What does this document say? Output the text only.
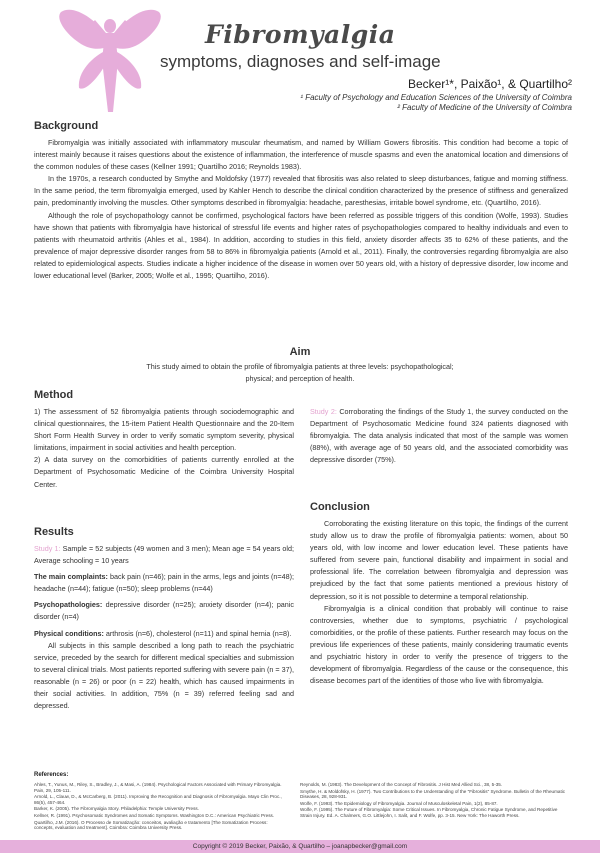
Fibromyalgia
symptoms, diagnoses and self-image
Becker¹*, Paixão¹, & Quartilho²
¹ Faculty of Psychology and Education Sciences of the University of Coimbra
² Faculty of Medicine of the University of Coimbra
Background

Fibromyalgia was initially associated with inflammatory muscular rheumatism, and named by William Gowers fibrositis. This condition had become a topic of interest mainly because it raises questions about the existence of inflammation, the interference of muscle spasms and even the anatomical location and dimensions of the common nodules of these cases (Kellner 1991; Quartilho 2016; Reynolds 1983).

In the 1970s, a research conducted by Smythe and Moldofsky (1977) revealed that fibrositis was also related to sleep disturbances, fatigue and morning stiffness. In the same period, the term fibromyalgia emerged, used by Kahler Hench to describe the clinical condition characterized by the presence of stiffness and generalized pain, predominantly involving the muscles. Other symptoms described in fibromyalgia: headache, paresthesias, irritable bowel syndrome, etc. (Quartilho, 2016).

Although the role of psychopathology cannot be confirmed, psychological factors have been referred as possible triggers of this condition (Wolfe, 1993). Studies have shown that patients with fibromyalgia have historical of stressful life events and higher rates of psychopathologies compared to healthy individuals and even to patients with rheumatoid arthritis (Ahles et al., 1984). In addition, according to studies in this field, anxiety disorder affects 35 to 62% of these patients, and the prevalence of major depressive disorder ranges from 58 to 86% in fibromyalgia patients (Arnold et al., 2011). Finally, the controversies regarding fibromyalgia are also related to epidemiological aspects. Studies indicate a higher incidence of the disease in women over 50 years old, with a history of depressive disorder, low income and lower educational level (Barker, 2005; Wolfe et al., 1995; Quartilho, 2016).

Aim
This study aimed to obtain the profile of fibromyalgia patients at three levels: psychopathological;
physical; and perception of health.
Method

1) The assessment of 52 fibromyalgia patients through sociodemographic and clinical questionnaires, the 15-item Patient Health Questionnaire and the 20-Item Short Form Health Survey in order to verify somatic symptom severity, physical limitations, impairment in social activities and health perception.

2) A data survey on the comorbidities of patients currently enrolled at the Department of Psychosomatic Medicine of the Coimbra University Hospital Center.

Results

Study 1: Sample = 52 subjects (49 women and 3 men); Mean age = 54 years old; Average schooling = 10 years

The main complaints: back pain (n=46); pain in the arms, legs and joints (n=48); headache (n=44); fatigue (n=50); sleep problems (n=44)

Psychopathologies: depressive disorder (n=25); anxiety disorder (n=4); panic disorder (n=4)

Physical conditions: arthrosis (n=6), cholesterol (n=11) and spinal hernia (n=8).

All subjects in this sample described a long path to reach the psychiatric service, preceded by the search for different medical specialties and submission to several clinical trials. Most patients reported suffering with severe pain (n = 37), reasonable (n = 26) or poor (n = 22) health, which has caused impairments in their social activities. In addition, 75% (n = 39) referred feeling sad and depressed.

Study 2: Corroborating the findings of the Study 1, the survey conducted on the Department of Psychosomatic Medicine found 324 patients diagnosed with fibromyalgia. The data analysis indicated that most of the sample was women (88%), with average age of 50 years old, and the associated comorbidity was depressive disorder (75%).

Conclusion

Corroborating the existing literature on this topic, the findings of the current study allow us to draw the profile of fibromyalgia patients: women, about 50 years old, with low income and lower education level. These patients have suffered from severe pain, functional disability and impairment in social and professional life. The correlation between fibromyalgia and depression was prejudiced by the fact that some patients mentioned a previous history of depression, so it is not possible to determine a temporal relationship.

Fibromyalgia is a clinical condition that probably will continue to raise controversies, whether due to symptoms, psychiatric / psychological comorbidities, or the profile of these patients. Further research may focus on the previous life experiences of these patients, mainly considering traumatic events and psychiatric history in order to verify the presence of triggers to the development of fibromyalgia. Regardless of the cause or the consequence, this disease becomes part of the identities of those who live with fibromyalgia.

References:

Ahles, T., Yunus, M., Riley, S., Bradley, J., & Masi, A. (1984). Psychological Factors Associated with Primary Fibromyalgia. Pain, 29, 105-111.

Arnold, L., Clauw, D., & McCarberg, B. (2011). Improving the Recognition and Diagnosis of Fibromyalgia. Mayo Clin Proc., 86(5), 457-464.

Barker, K. (2005). The Fibromyalgia Story. Philadelphia: Temple University Press.

Kellner, R. (1991). Psychosomatic Syndromes and Somatic Symptoms. Washington D.C.: American Psychiatric Press.

Quartilho, J.M. (2016). O Processo de Somatização: conceitos, avaliação e tratamento [The Somatization Process: concepts, evaluation and treatment]. Coimbra: Coimbra University Press.

Reynolds, M. (1983). The Development of the Concept of Fibrositis. J Hist Med Allied Sci., 38, 5-35.

Smythe, H. & Moldofsky, H. (1977). Two Contributions to the Understanding of the "Fibrositis" Syndrome. Bulletin of the Rheumatic Diseases, 28, 928-931.

Wolfe, F. (1993). The Epidemiology of Fibromyalgia. Journal of Musculoskeletal Pain, 1(2), 85-87.

Wolfe, F. (1995). The Future of Fibromyalgia: Some Critical Issues. In Fibromyalgia, Chronic Fatigue Syndrome, and Repetitive Strain Injury. Ed. A. Chalmers, G.O. Littlejohn, I. Salit, and F. Wolfe, pp. 3-15. New York: The Haworth Press.

Copyright © 2019 Becker, Paixão, & Quartilho – joanapbecker@gmail.com
